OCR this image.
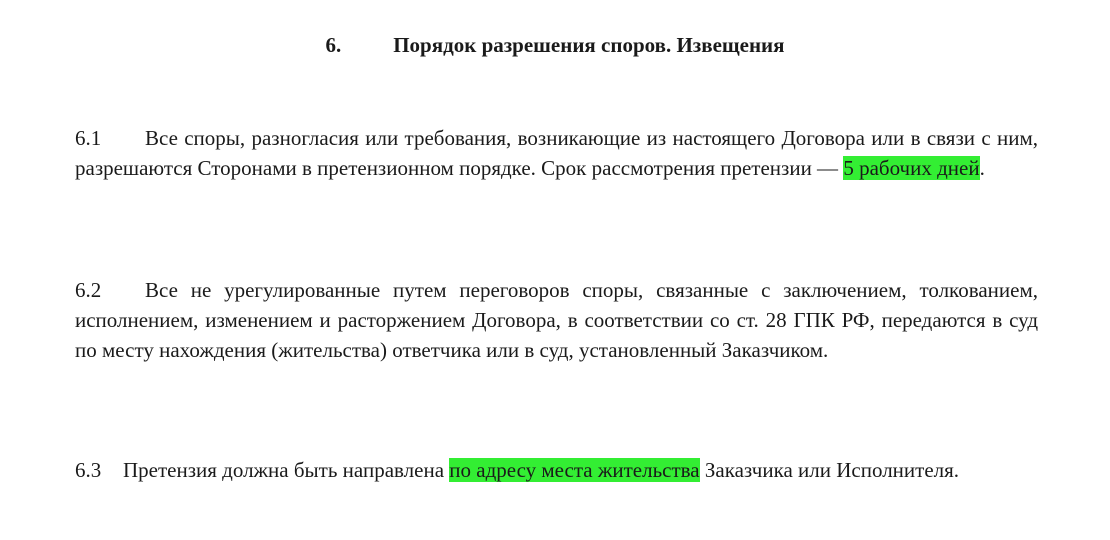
6. Порядок разрешения споров. Извещения

6.1 Все споры, разногласия или требования, возникающие из настоящего Договора или в связи с ним, разрешаются Сторонами в претензионном порядке. Срок рассмотрения претензии — 5 рабочих дней.

6.2 Все не урегулированные путем переговоров споры, связанные с заключением, толкованием, исполнением, изменением и расторжением Договора, в соответствии со ст. 28 ГПК РФ, передаются в суд по месту нахождения (жительства) ответчика или в суд, установленный Заказчиком.

6.3 Претензия должна быть направлена по адресу места жительства Заказчика или Исполнителя.
